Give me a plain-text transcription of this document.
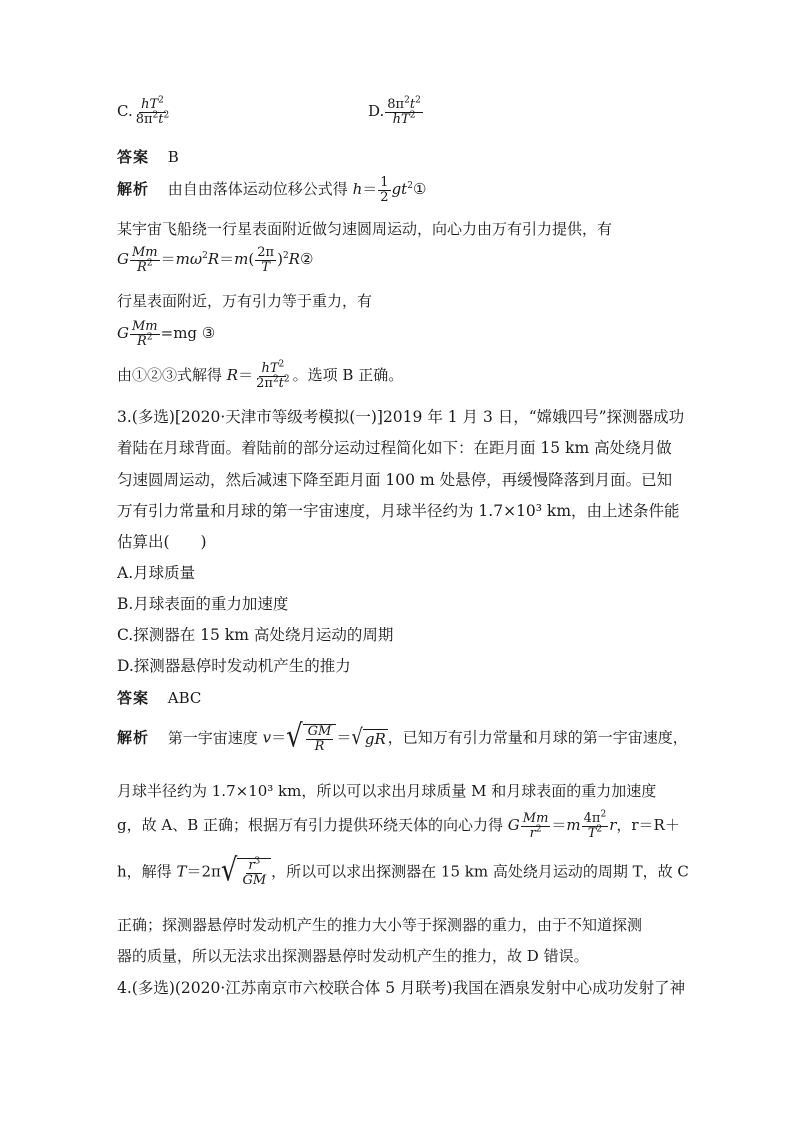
C. $\frac{hT^2}{8\pi^2t^2}$	D. $\frac{8\pi^2t^2}{hT^2}$
答案 B
解析 由自由落体运动位移公式得 $h= \frac{1}{2}$ $gt^2①$
某宇宙飞船绕一行星表面附近做匀速圆周运动，向心力由万有引力提供，有
G $\frac{Mm}{R^2} =m\omega^2R=m( \frac{2\pi}{T}$ )$^2R②$
行星表面附近，万有引力等于重力，有
G $\frac{Mm}{R^2} =mg$ ③
由①②③式解得 $R= \frac{hT^2}{2\pi^2t^2}$ 。选项 B 正确。
3.(多选)[2020·天津市等级考模拟(一)]2019 年 1 月 3 日，“嫦娥四号”探测器成功
着陆在月球背面。着陆前的部分运动过程简化如下：在距月面 15 km 高处绕月做
匀速圆周运动，然后减速下降至距月面 100 m 处悬停，再缓慢降落到月面。已知
万有引力常量和月球的第一宇宙速度，月球半径约为 1.7×10³ km，由上述条件能
估算出(　　)
A.月球质量
B.月球表面的重力加速度
C.探测器在 15 km 高处绕月运动的周期
D.探测器悬停时发动机产生的推力
答案 ABC
解析 第一宇宙速度 v＝ √ $\frac{GM}{R}$ ＝ √ gR ，已知万有引力常量和月球的第一宇宙速度，
月球半径约为 1.7×10³ km，所以可以求出月球质量 M 和月球表面的重力加速度
g，故 A、B 正确；根据万有引力提供环绕天体的向心力得 G $\frac{Mm}{r^2} =m \frac{4\pi^2}{T^2}$ r，r＝R＋
h，解得 T＝2π √ $\frac{r^3}{GM}$ ，所以可以求出探测器在 15 km 高处绕月运动的周期 T，故 C
正确；探测器悬停时发动机产生的推力大小等于探测器的重力，由于不知道探测
器的质量，所以无法求出探测器悬停时发动机产生的推力，故 D 错误。
4.(多选)(2020·江苏南京市六校联合体 5 月联考)我国在酒泉发射中心成功发射了神
